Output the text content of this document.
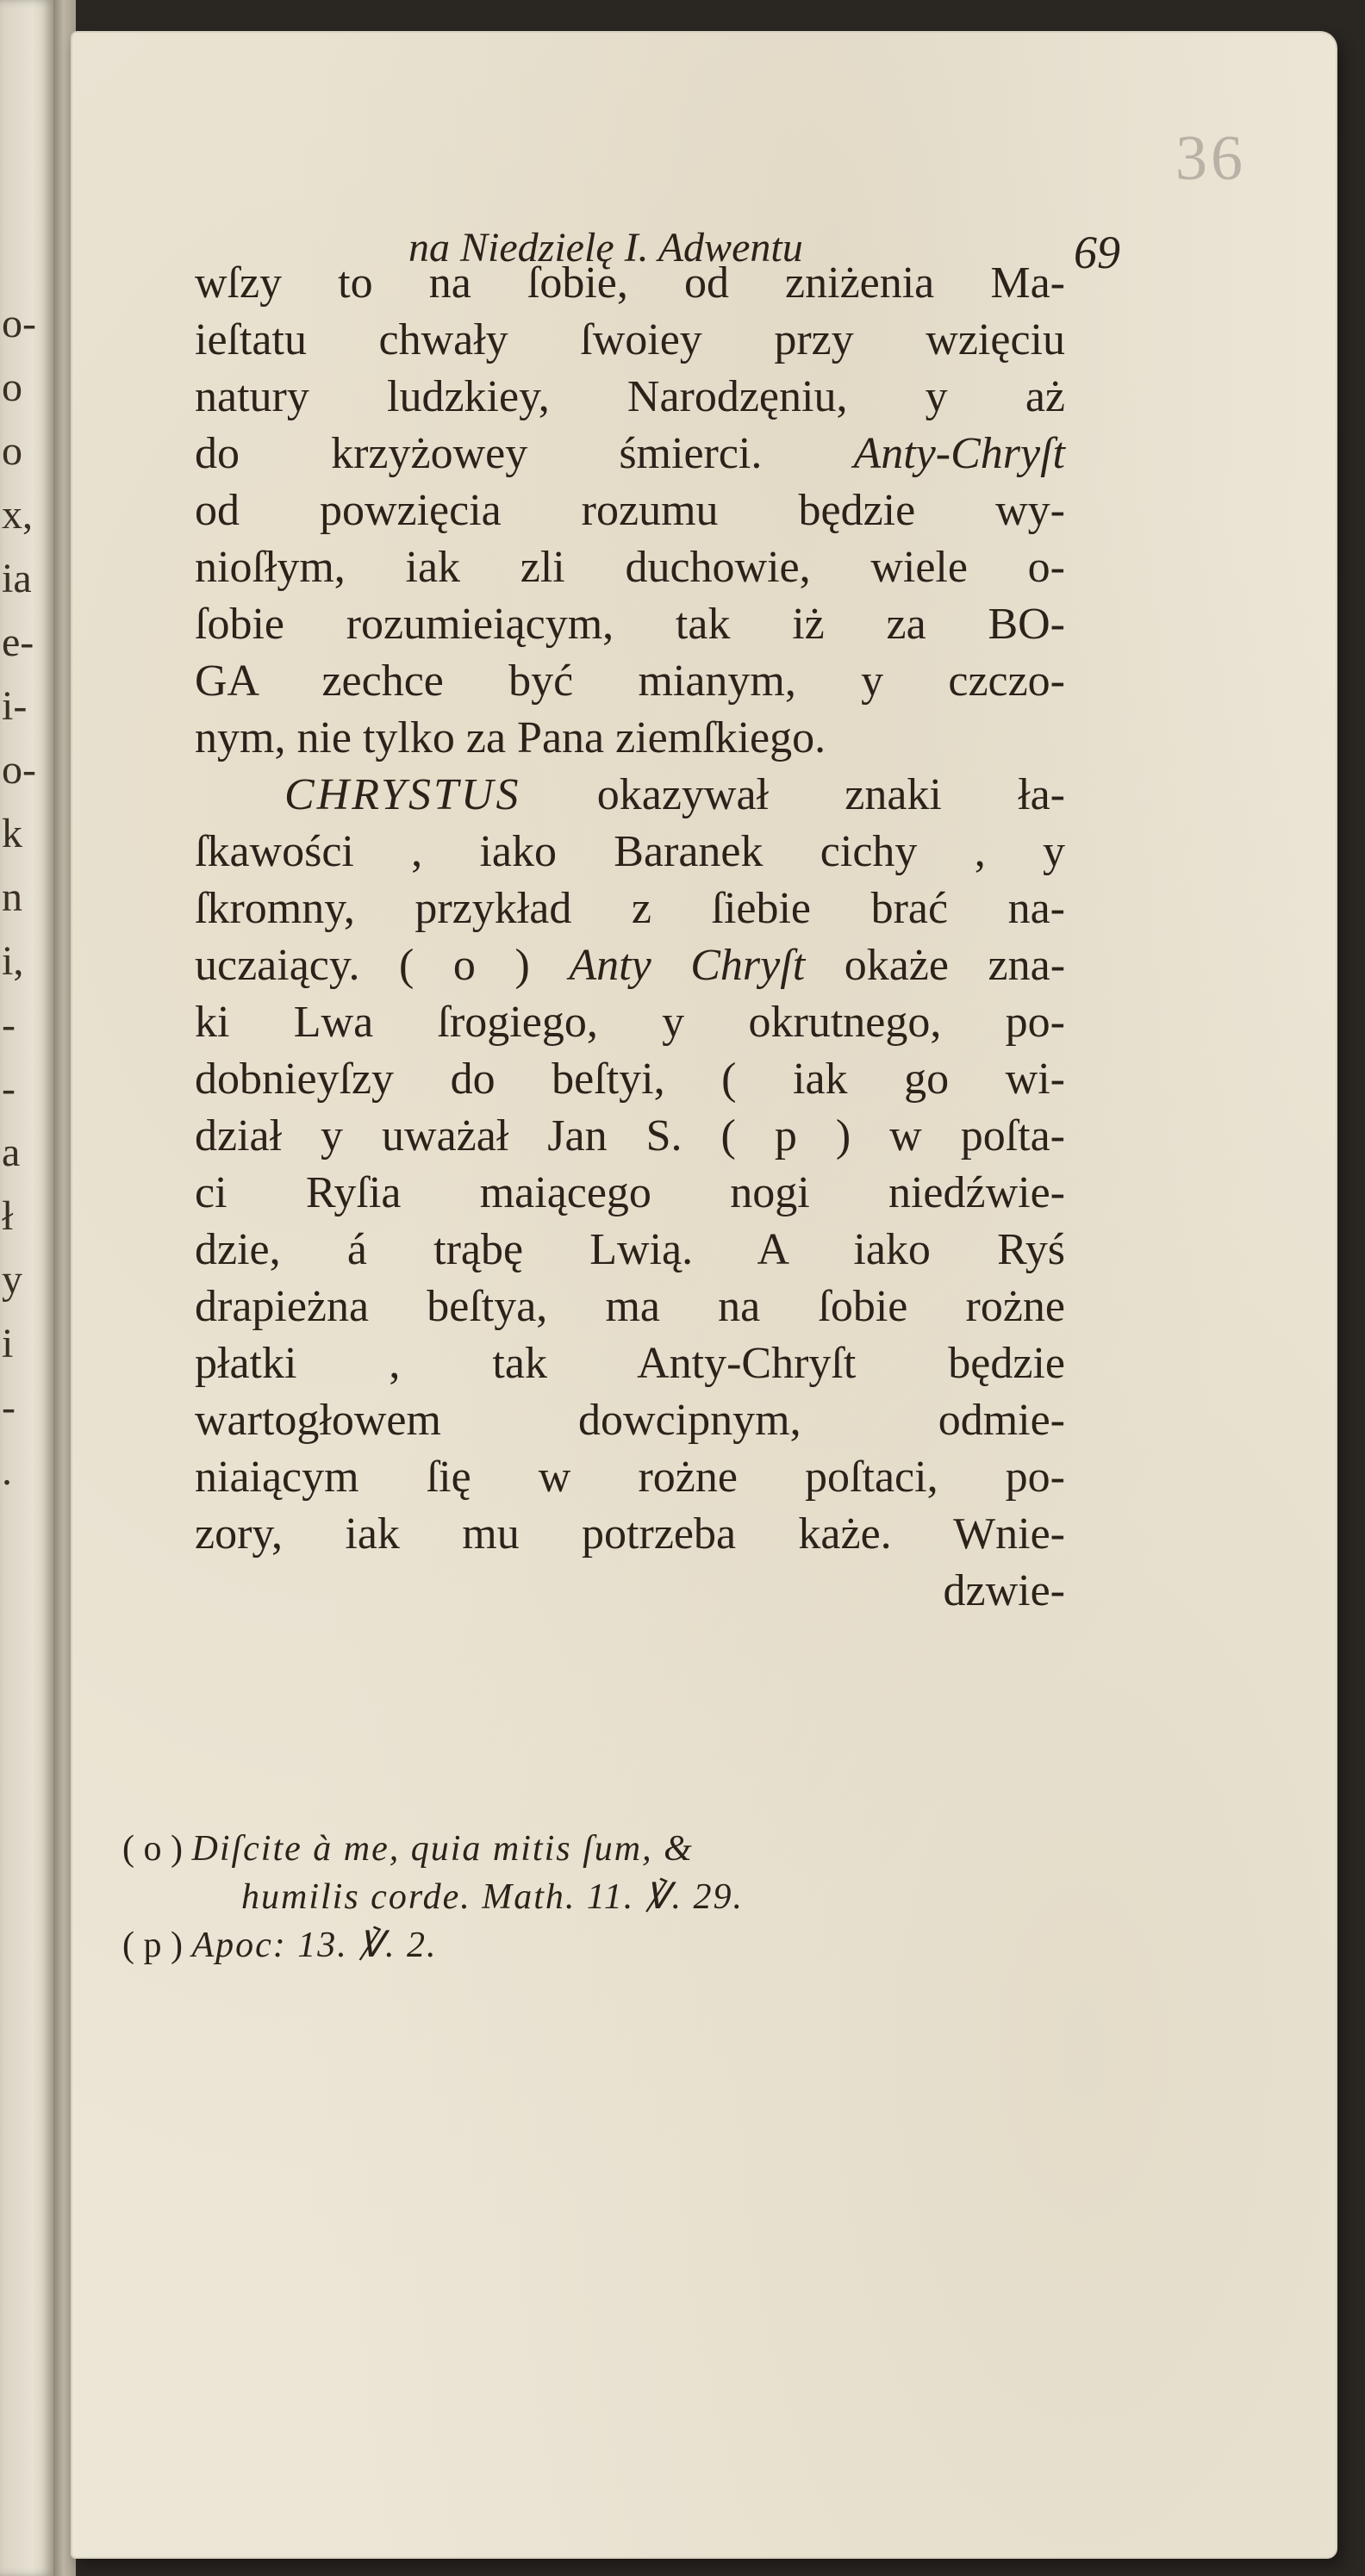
o-
o
o
x,
ia
e-
i-
o-
k
n
i,
-
-
a
ł
y
i
-
.
36
na Niedzielę I. Adwentu	69
wſzy to na ſobie, od zniżenia Ma-
ieſtatu chwały ſwoiey przy wzięciu
natury ludzkiey, Narodzęniu, y aż
do krzyżowey śmierci. Anty-Chryſt
od powzięcia rozumu będzie wy-
nioſłym, iak zli duchowie, wiele o-
ſobie rozumieiącym, tak iż za BO-
GA zechce być mianym, y czczo-
nym, nie tylko za Pana ziemſkiego.
CHRYSTUS okazywał znaki ła-
ſkawości , iako Baranek cichy , y
ſkromny, przykład z ſiebie brać na-
uczaiący. ( o ) Anty Chryſt okaże zna-
ki Lwa ſrogiego, y okrutnego, po-
dobnieyſzy do beſtyi, ( iak go wi-
dział y uważał Jan S. ( p ) w poſta-
ci Ryſia maiącego nogi niedźwie-
dzie, á trąbę Lwią. A iako Ryś
drapieżna beſtya, ma na ſobie rożne
płatki , tak Anty-Chryſt będzie
wartogłowem dowcipnym, odmie-
niaiącym ſię w rożne poſtaci, po-
zory, iak mu potrzeba każe. Wnie-
dzwie-
( o ) Diſcite à me, quia mitis ſum, &
humilis corde. Math. 11. ℣. 29.
( p ) Apoc: 13. ℣. 2.
